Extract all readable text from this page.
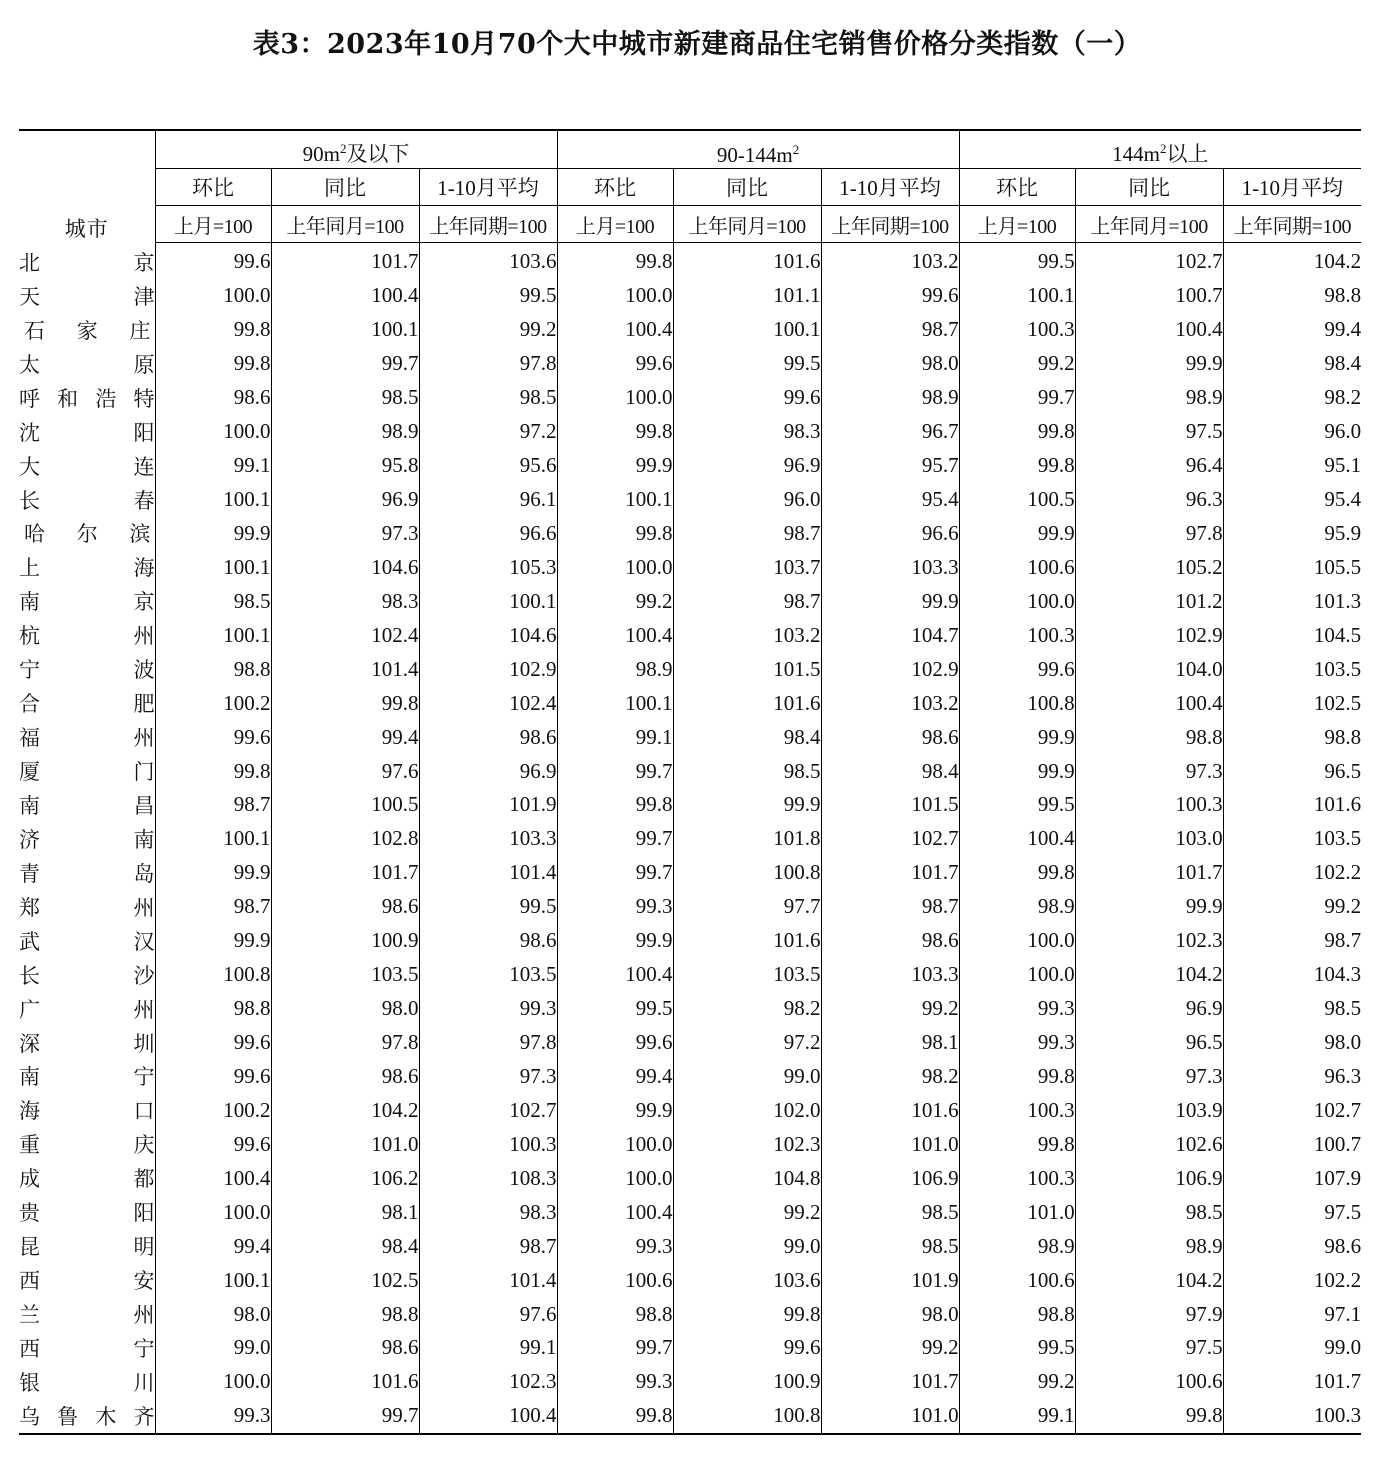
表3：2023年10月70个大中城市新建商品住宅销售价格分类指数（一）
城市	$90m^2$及以下			$90-144m^2$			$144m^2$以上		
	环比	同比	1-10月平均	环比	同比	1-10月平均	环比	同比	1-10月平均
	上月=100	上年同月=100	上年同期=100	上月=100	上年同月=100	上年同期=100	上月=100	上年同月=100	上年同期=100

北 京	99.6	101.7	103.6	99.8	101.6	103.2	99.5	102.7	104.2

天 津	100.0	100.4	99.5	100.0	101.1	99.6	100.1	100.7	98.8

石 家 庄	99.8	100.1	99.2	100.4	100.1	98.7	100.3	100.4	99.4

太 原	99.8	99.7	97.8	99.6	99.5	98.0	99.2	99.9	98.4

呼 和 浩 特	98.6	98.5	98.5	100.0	99.6	98.9	99.7	98.9	98.2

沈 阳	100.0	98.9	97.2	99.8	98.3	96.7	99.8	97.5	96.0

大 连	99.1	95.8	95.6	99.9	96.9	95.7	99.8	96.4	95.1

长 春	100.1	96.9	96.1	100.1	96.0	95.4	100.5	96.3	95.4

哈 尔 滨	99.9	97.3	96.6	99.8	98.7	96.6	99.9	97.8	95.9

上 海	100.1	104.6	105.3	100.0	103.7	103.3	100.6	105.2	105.5

南 京	98.5	98.3	100.1	99.2	98.7	99.9	100.0	101.2	101.3

杭 州	100.1	102.4	104.6	100.4	103.2	104.7	100.3	102.9	104.5

宁 波	98.8	101.4	102.9	98.9	101.5	102.9	99.6	104.0	103.5

合 肥	100.2	99.8	102.4	100.1	101.6	103.2	100.8	100.4	102.5

福 州	99.6	99.4	98.6	99.1	98.4	98.6	99.9	98.8	98.8

厦 门	99.8	97.6	96.9	99.7	98.5	98.4	99.9	97.3	96.5

南 昌	98.7	100.5	101.9	99.8	99.9	101.5	99.5	100.3	101.6

济 南	100.1	102.8	103.3	99.7	101.8	102.7	100.4	103.0	103.5

青 岛	99.9	101.7	101.4	99.7	100.8	101.7	99.8	101.7	102.2

郑 州	98.7	98.6	99.5	99.3	97.7	98.7	98.9	99.9	99.2

武 汉	99.9	100.9	98.6	99.9	101.6	98.6	100.0	102.3	98.7

长 沙	100.8	103.5	103.5	100.4	103.5	103.3	100.0	104.2	104.3

广 州	98.8	98.0	99.3	99.5	98.2	99.2	99.3	96.9	98.5

深 圳	99.6	97.8	97.8	99.6	97.2	98.1	99.3	96.5	98.0

南 宁	99.6	98.6	97.3	99.4	99.0	98.2	99.8	97.3	96.3

海 口	100.2	104.2	102.7	99.9	102.0	101.6	100.3	103.9	102.7

重 庆	99.6	101.0	100.3	100.0	102.3	101.0	99.8	102.6	100.7

成 都	100.4	106.2	108.3	100.0	104.8	106.9	100.3	106.9	107.9

贵 阳	100.0	98.1	98.3	100.4	99.2	98.5	101.0	98.5	97.5

昆 明	99.4	98.4	98.7	99.3	99.0	98.5	98.9	98.9	98.6

西 安	100.1	102.5	101.4	100.6	103.6	101.9	100.6	104.2	102.2

兰 州	98.0	98.8	97.6	98.8	99.8	98.0	98.8	97.9	97.1

西 宁	99.0	98.6	99.1	99.7	99.6	99.2	99.5	97.5	99.0

银 川	100.0	101.6	102.3	99.3	100.9	101.7	99.2	100.6	101.7

乌 鲁 木 齐	99.3	99.7	100.4	99.8	100.8	101.0	99.1	99.8	100.3
